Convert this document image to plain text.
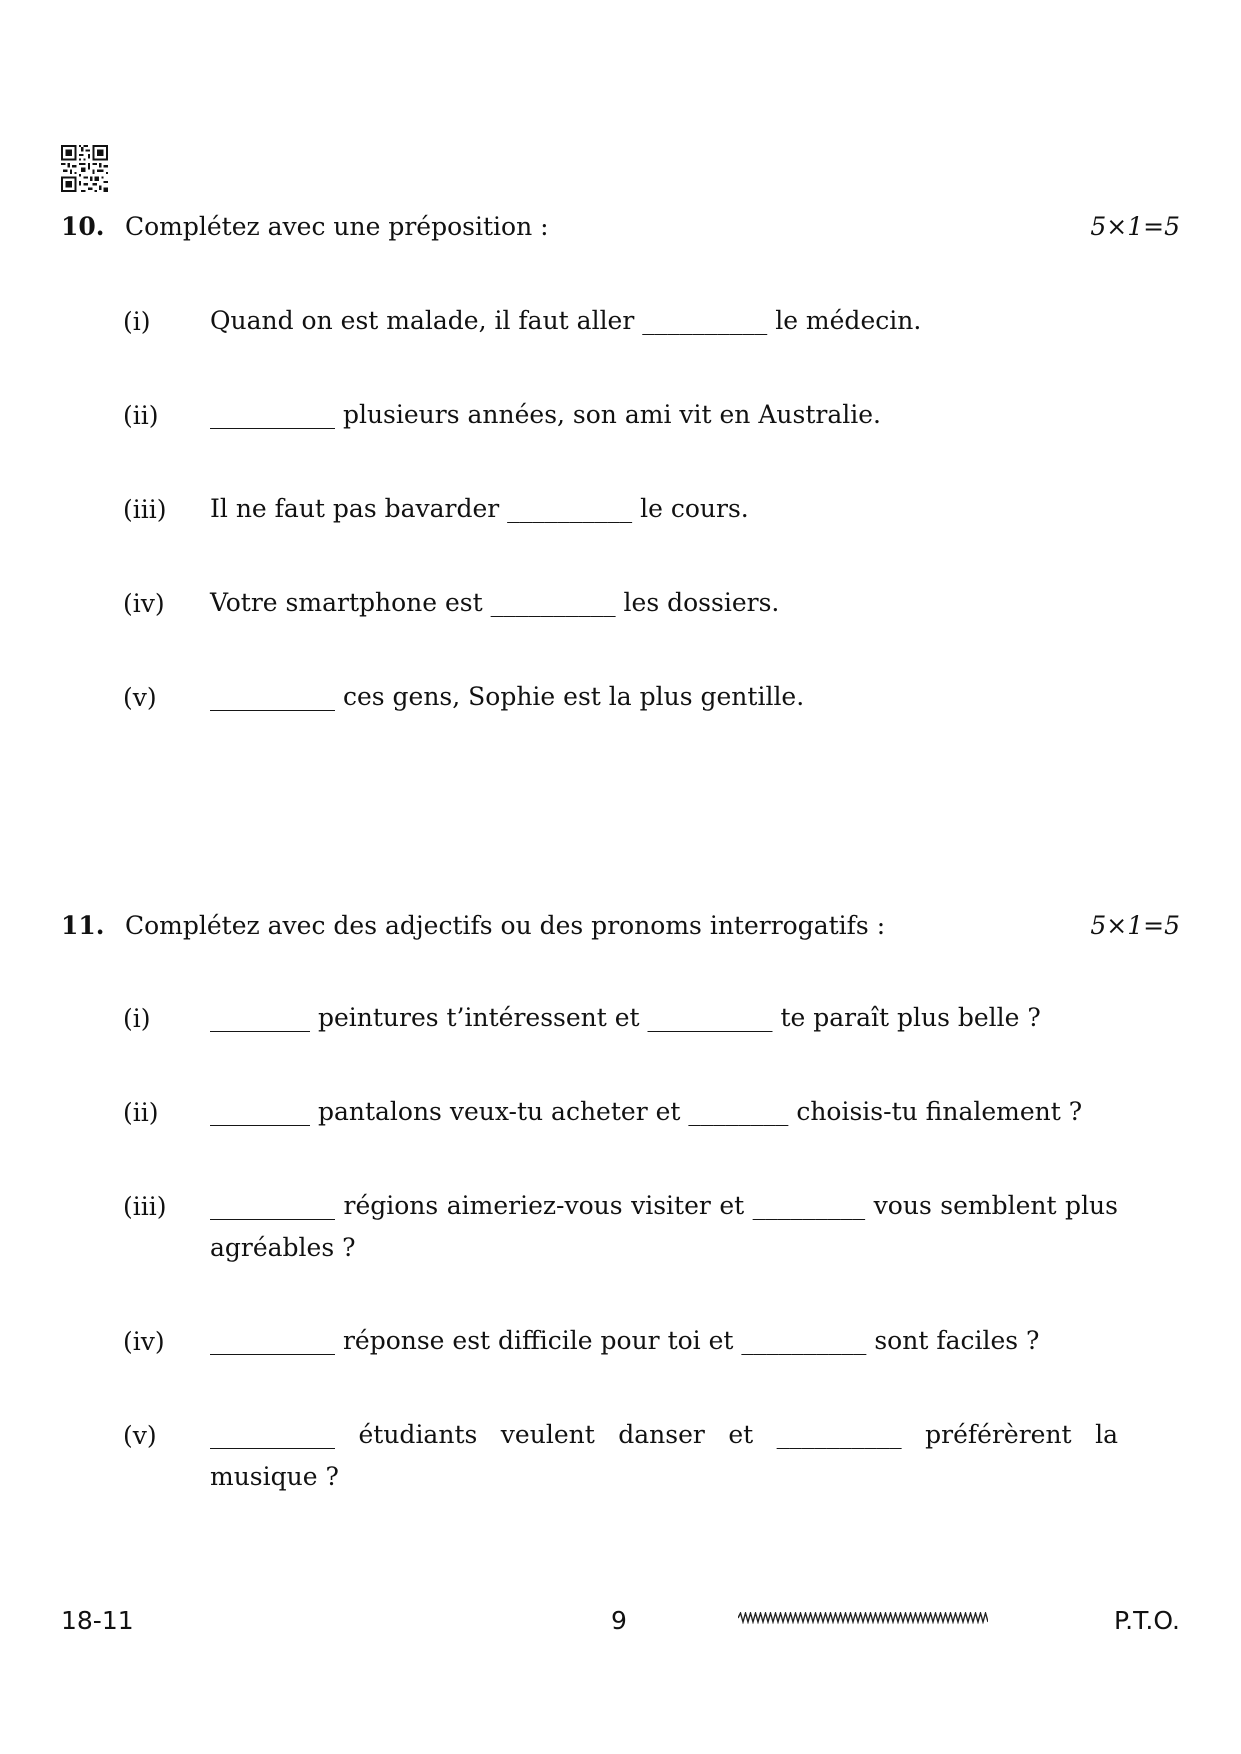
10. Complétez avec une préposition :	5×1=5
(i) Quand on est malade, il faut aller __________ le médecin.
(ii) __________ plusieurs années, son ami vit en Australie.
(iii) Il ne faut pas bavarder __________ le cours.
(iv) Votre smartphone est __________ les dossiers.
(v) __________ ces gens, Sophie est la plus gentille.
11. Complétez avec des adjectifs ou des pronoms interrogatifs :	5×1=5
(i) ________ peintures t’intéressent et __________ te paraît plus belle ?
(ii) ________ pantalons veux-tu acheter et ________ choisis-tu finalement ?
(iii) __________ régions aimeriez-vous visiter et _________ vous semblent plus agréables ?
(iv) __________ réponse est difficile pour toi et __________ sont faciles ?
(v) __________ étudiants veulent danser et __________ préférèrent la musique ?
18-11	9	P.T.O.
